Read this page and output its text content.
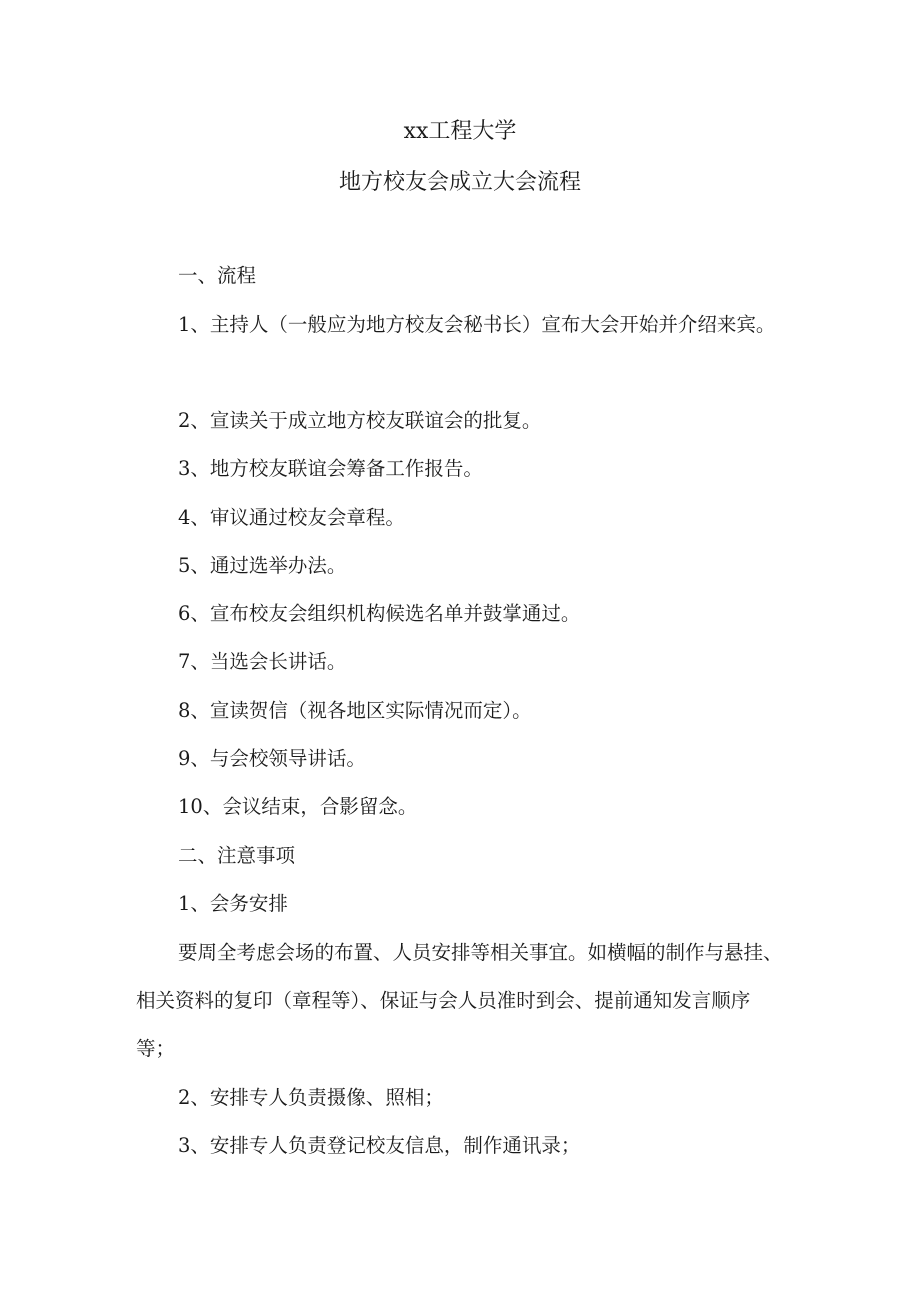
xx工程大学
地方校友会成立大会流程
一、流程
1、主持人（一般应为地方校友会秘书长）宣布大会开始并介绍来宾。
2、宣读关于成立地方校友联谊会的批复。
3、地方校友联谊会筹备工作报告。
4、审议通过校友会章程。
5、通过选举办法。
6、宣布校友会组织机构候选名单并鼓掌通过。
7、当选会长讲话。
8、宣读贺信（视各地区实际情况而定）。
9、与会校领导讲话。
10、会议结束，合影留念。
二、注意事项
1、会务安排
要周全考虑会场的布置、人员安排等相关事宜。如横幅的制作与悬挂、相关资料的复印（章程等）、保证与会人员准时到会、提前通知发言顺序等；
2、安排专人负责摄像、照相；
3、安排专人负责登记校友信息，制作通讯录；
